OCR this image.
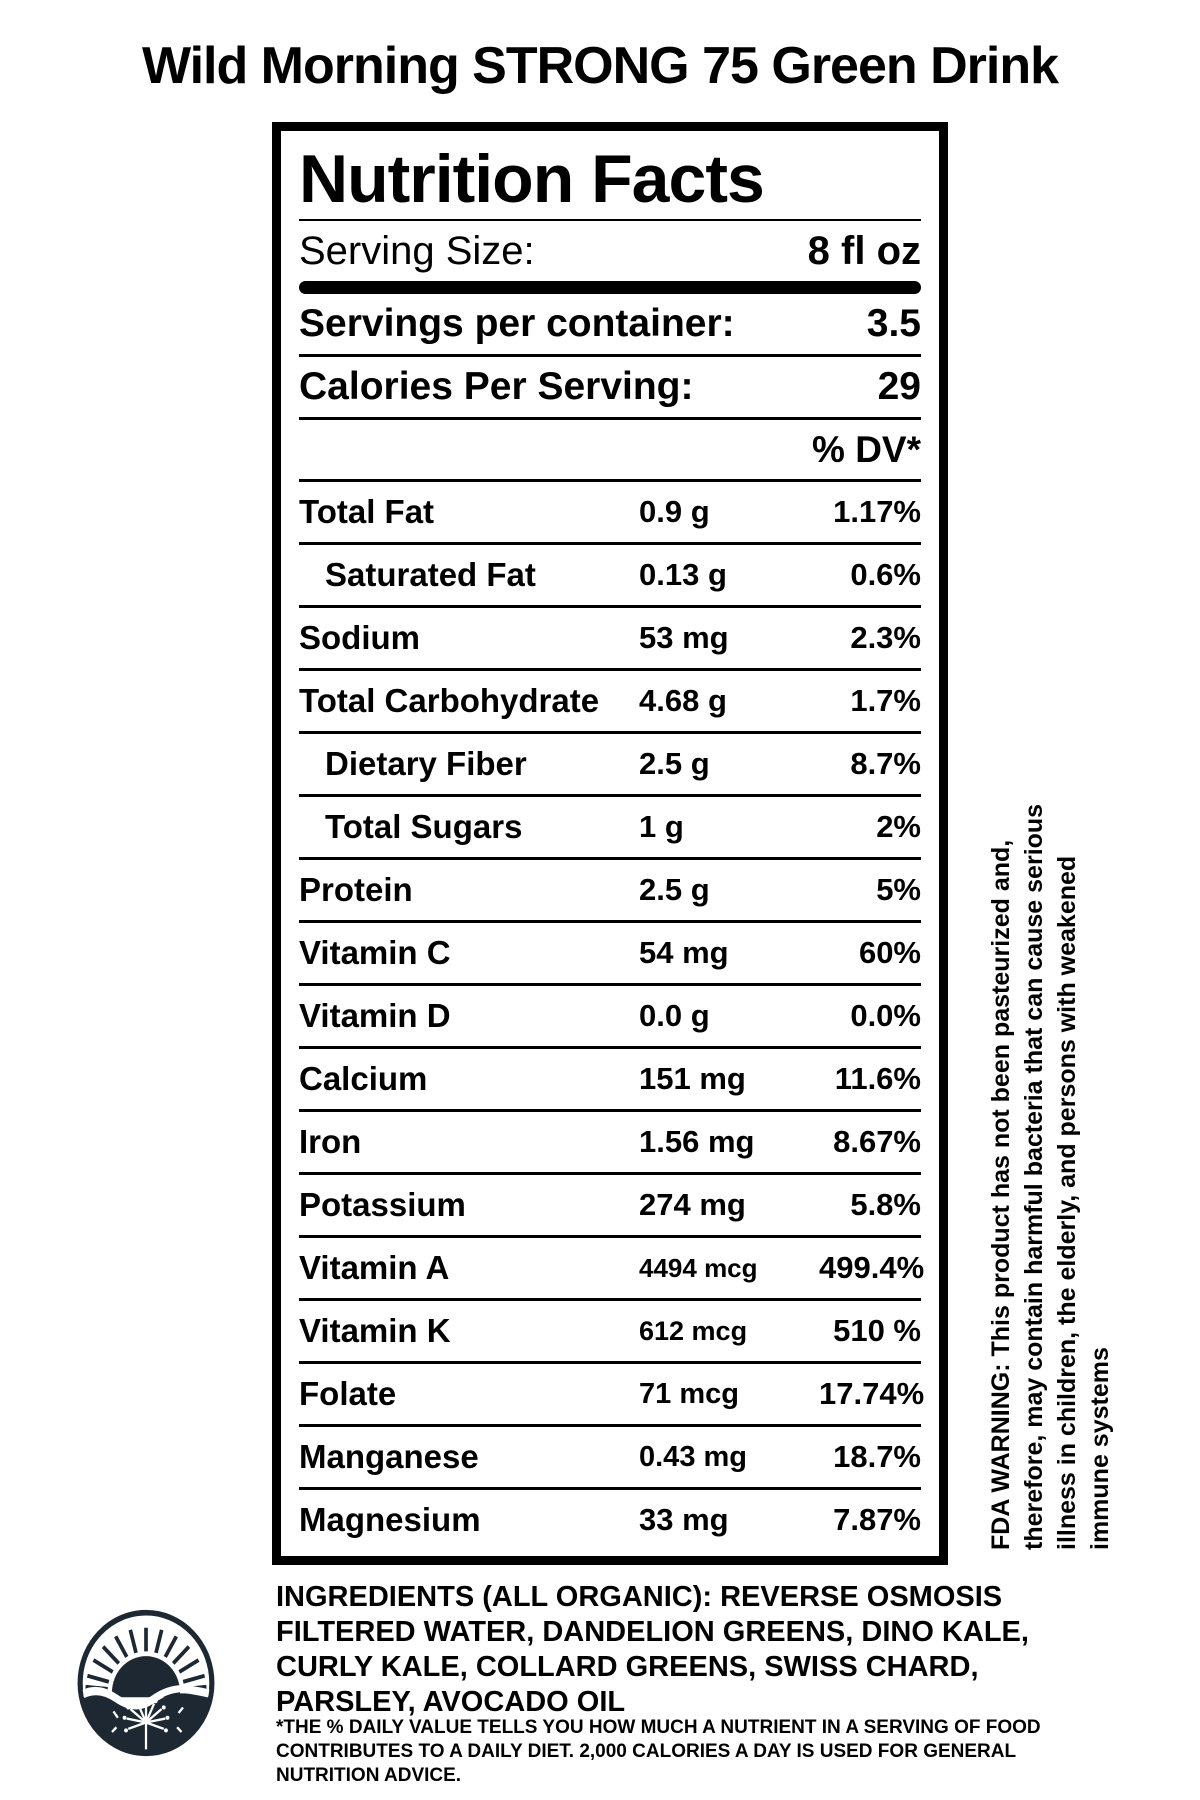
Wild Morning STRONG 75 Green Drink
Nutrition Facts
Serving Size:	8 fl oz
Servings per container:	3.5
Calories Per Serving:	29
% DV*
Total Fat	0.9 g	1.17%
Saturated Fat	0.13 g	0.6%
Sodium	53 mg	2.3%
Total Carbohydrate	4.68 g	1.7%
Dietary Fiber	2.5 g	8.7%
Total Sugars	1 g	2%
Protein	2.5 g	5%
Vitamin C	54 mg	60%
Vitamin D	0.0 g	0.0%
Calcium	151 mg	11.6%
Iron	1.56 mg	8.67%
Potassium	274 mg	5.8%
Vitamin A	4494 mcg	499.4%
Vitamin K	612 mcg	510 %
Folate	71 mcg	17.74%
Manganese	0.43 mg	18.7%
Magnesium	33 mg	7.87%	FDA WARNING: This product has not been pasteurized and, therefore, may contain harmful bacteria that can cause serious illness in children, the elderly, and persons with weakened immune systems
INGREDIENTS (ALL ORGANIC): REVERSE OSMOSIS
FILTERED WATER, DANDELION GREENS, DINO KALE,
CURLY KALE, COLLARD GREENS, SWISS CHARD,
PARSLEY, AVOCADO OIL
*THE % DAILY VALUE TELLS YOU HOW MUCH A NUTRIENT IN A SERVING OF FOOD
CONTRIBUTES TO A DAILY DIET. 2,000 CALORIES A DAY IS USED FOR GENERAL
NUTRITION ADVICE.
